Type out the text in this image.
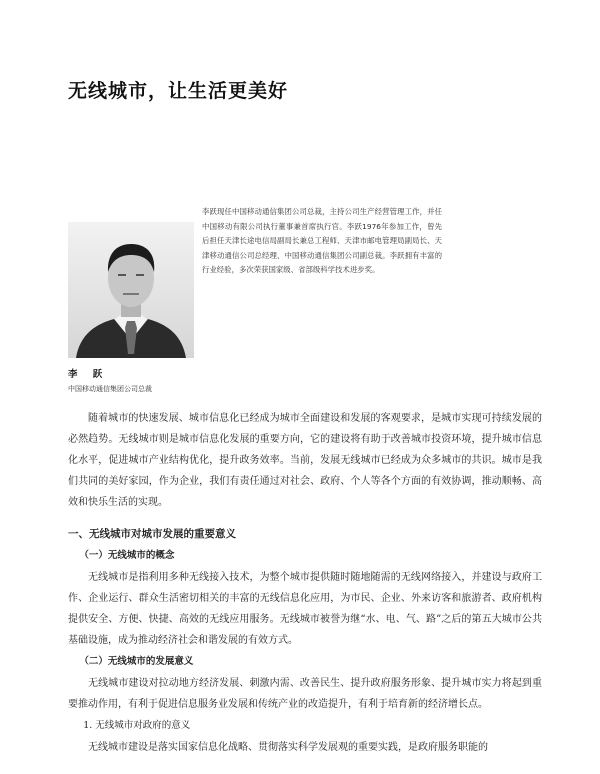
无线城市，让生活更美好
李跃现任中国移动通信集团公司总裁，主持公司生产经营管理工作，并任中国移动有限公司执行董事兼首席执行官。李跃1976年参加工作，曾先后担任天津长途电信局副局长兼总工程师、天津市邮电管理局副局长、天津移动通信公司总经理、中国移动通信集团公司副总裁。李跃拥有丰富的行业经验，多次荣获国家级、省部级科学技术进步奖。
李 跃
中国移动通信集团公司总裁

随着城市的快速发展、城市信息化已经成为城市全面建设和发展的客观要求，是城市实现可持续发展的必然趋势。无线城市则是城市信息化发展的重要方向，它的建设将有助于改善城市投资环境，提升城市信息化水平，促进城市产业结构优化，提升政务效率。当前，发展无线城市已经成为众多城市的共识。城市是我们共同的美好家园，作为企业，我们有责任通过对社会、政府、个人等各个方面的有效协调，推动顺畅、高效和快乐生活的实现。

一、无线城市对城市发展的重要意义
（一）无线城市的概念

无线城市是指利用多种无线接入技术，为整个城市提供随时随地随需的无线网络接入，并建设与政府工作、企业运行、群众生活密切相关的丰富的无线信息化应用，为市民、企业、外来访客和旅游者、政府机构提供安全、方便、快捷、高效的无线应用服务。无线城市被誉为继“水、电、气、路”之后的第五大城市公共基础设施，成为推动经济社会和谐发展的有效方式。

（二）无线城市的发展意义

无线城市建设对拉动地方经济发展、刺激内需、改善民生、提升政府服务形象、提升城市实力将起到重要推动作用，有利于促进信息服务业发展和传统产业的改造提升，有利于培育新的经济增长点。

1. 无线城市对政府的意义

无线城市建设是落实国家信息化战略、贯彻落实科学发展观的重要实践，是政府服务职能的
